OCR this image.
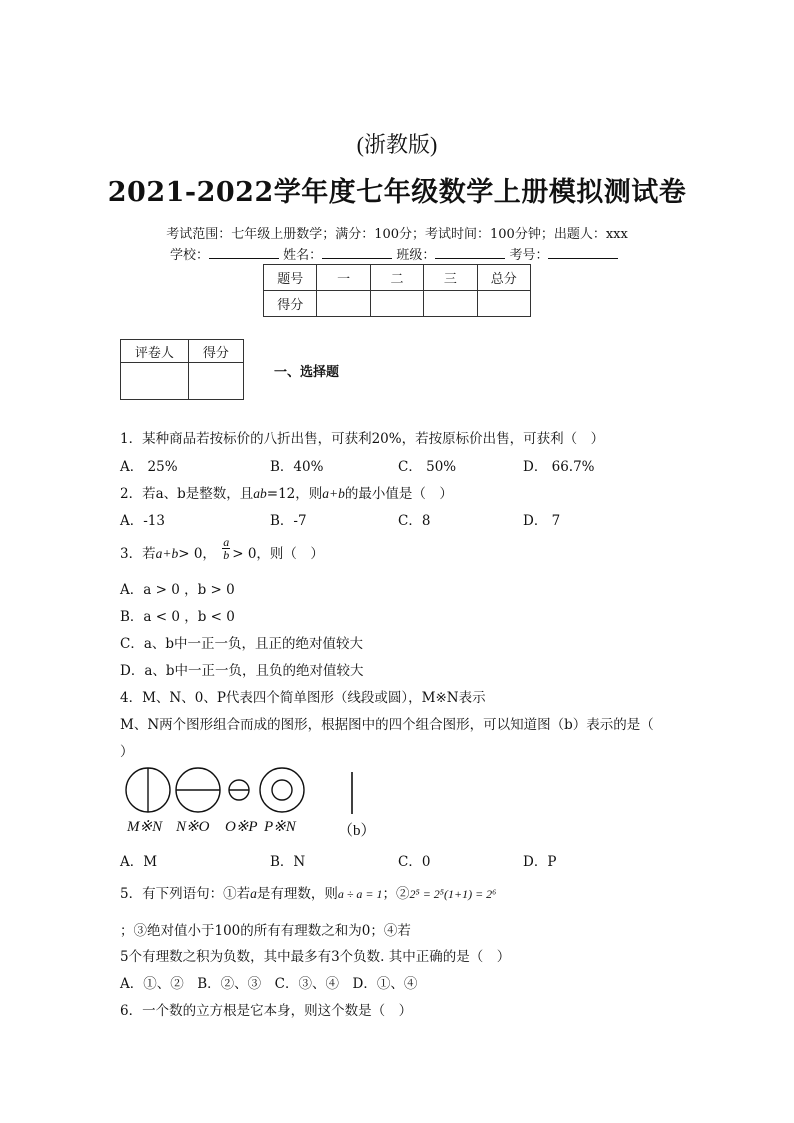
(浙教版)
2021-2022学年度七年级数学上册模拟测试卷
考试范围：七年级上册数学；满分：100分；考试时间：100分钟；出题人：xxx
学校：	姓名：	班级：	考号：
题号	一	二	三	总分
得分				
评卷人	得分

一、选择题
1．某种商品若按标价的八折出售，可获利20%，若按原标价出售，可获利（　）
A． 25%	B．40%	C． 50%	D． 66.7%
2．若a、b是整数，且ab=12，则a+b的最小值是（　）
A．-13	B．-7	C．8	D． 7
3．若a+b> 0， $\frac{a}{b} > 0$，则（　）
A．a > 0 ，b > 0
B．a < 0 ，b < 0
C．a、b中一正一负，且正的绝对值较大
D．a、b中一正一负，且负的绝对值较大
4．M、N、0、P代表四个简单图形（线段或圆），M※N表示
M、N两个图形组合而成的图形，根据图中的四个组合图形，可以知道图（b）表示的是（
）
M※N N※O O※P P※N	（b）
A．M	B．N	C．0	D．P
5．有下列语句：①若a是有理数，则a ÷ a = 1；②2⁵ = 2⁵(1+1) = 2⁶
；③绝对值小于100的所有有理数之和为0；④若
5个有理数之积为负数，其中最多有3个负数. 其中正确的是（　）
A．①、②　B．②、③　C．③、④　D．①、④
6．一个数的立方根是它本身，则这个数是（　）
